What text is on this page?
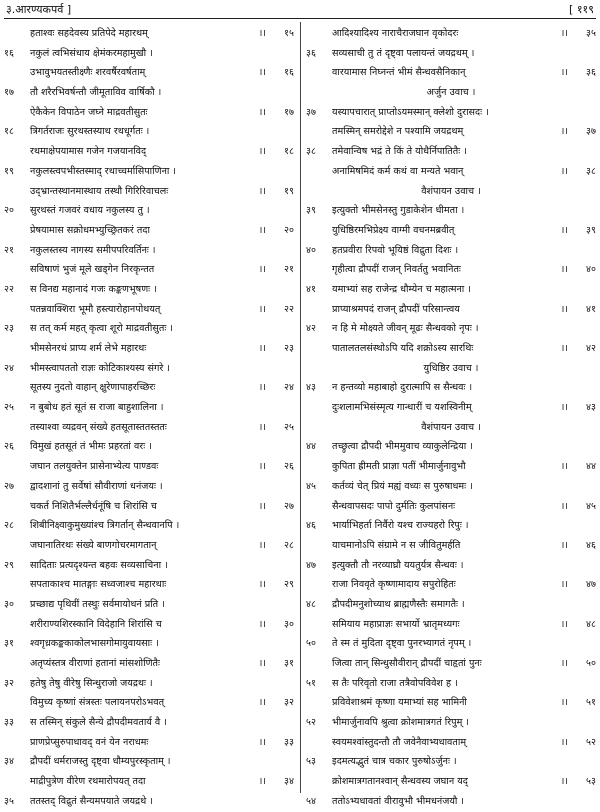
३.आरण्यकपर्व ]	[ ११९
हताश्वः सहदेवस्य प्रतिपेदे महारथम्	।।	१५
१६	नकुलं त्वभिसंधाय क्षेमंकरमहामुखौ ।
उभावुभयतस्तीक्ष्णैः शरवर्षैरवर्षताम्	।।	१६
१७	तौ शरैरभिवर्षन्तौ जीमूताविव वार्षिकौ ।
ऐकैकेन विपाठेन जघ्ने माद्रवतीसुतः	।।	१७
१८	त्रिगर्तराजः सुरथस्तस्याथ रथधूर्गतः ।
रथमाक्षेपयामास गजेन गजयानविद्	।।	१८
१९	नकुलस्त्वपभीस्तस्माद् रथाच्चर्मासिपाणिना ।
उद्भ्रान्तस्थानमास्थाय तस्थौ गिरिरिवाचलः	।।	१९
२०	सुरथस्तं गजवरं वधाय नकुलस्य तु ।
प्रेषयामास सक्रोधमभ्युच्छ्रितकरं तदा	।।	२०
२१	नकुलस्तस्य नागस्य समीपपरिवर्तिनः ।
सविषाणं भुजं मूले खड्गेन निरकृन्तत	।।	२१
२२	स विनद्य महानादं गजः कङ्कणभूषणः ।
पतन्नवाक्शिरा भूमौ हस्त्यारोहानपोथयत्	।।	२२
२३	स तत् कर्म महत् कृत्वा शूरो माद्रवतीसुतः ।
भीमसेनरथं प्राप्य शर्म लेभे महारथः	।।	२३
२४	भीमस्त्वापततो राज्ञः कोटिकाश्यस्य संगरे ।
सूतस्य नुदतो वाहान् क्षुरेणापाहरच्छिरः	।।	२४
२५	न बुबोध हतं सूतं स राजा बाहुशालिना ।
तस्याश्वा व्यद्रवन् संख्ये हतसूतास्ततस्ततः	।।	२५
२६	विमुखं हतसूतं तं भीमः प्रहरतां वरः ।
जघान तलयुक्तेन प्रासेनाभ्येत्य पाण्डवः	।।	२६
२७	द्वादशानां तु सर्वेषां सौवीराणां धनंजयः ।
चकर्त निशितैर्भल्लैर्धनूंषि च शिरांसि च	।।	२७
२८	शिबीनिक्ष्वाकुमुख्यांश्च त्रिगर्तान् सैन्धवानपि ।
जघानातिरथः संख्ये बाणगोचरमागतान्	।।	२८
२९	सादिताः प्रत्यदृश्यन्त बहवः सव्यसाचिना ।
सपताकाश्च मातङ्गाः सध्वजाश्च महारथाः	।।	२९
३०	प्रच्छाद्य पृथिवीं तस्थुः सर्वमायोधनं प्रति ।
शरीराण्यशिरस्कानि विदेहानि शिरांसि च	।।	३०
३१	श्वगृध्रकङ्ककाकोलभासगोमायुवायसाः ।
अतृप्यंस्तत्र वीराणां हतानां मांसशोणितैः	।।	३१
३२	हतेषु तेषु वीरेषु सिन्धुराजो जयद्रथः ।
विमुच्य कृष्णां संत्रस्तः पलायनपरोऽभवत्	।।	३२
३३	स तस्मिन् संकुले सैन्ये द्रौपदीमवतार्य वै ।
प्राणप्रेप्सुरुपाधावद् वनं येन नराधमः	।।	३३
३४	द्रौपदीं धर्मराजस्तु दृष्ट्वा धौम्यपुरस्कृताम् ।
माद्रीपुत्रेण वीरेण रथमारोपयत् तदा	।।	३४
३५	ततस्तद् विद्रुतं सैन्यमपयाते जयद्रथे ।
आदिश्यादिश्य नाराचैराजघान वृकोदरः	।।	३५
३६	सव्यसाची तु तं दृष्ट्वा पलायन्तं जयद्रथम् ।
वारयामास निघ्नन्तं भीमं सैन्धवसैनिकान्	।।	३६
अर्जुन उवाच ।
३७	यस्यापचारात् प्राप्तोऽयमस्मान् क्लेशो दुरासदः ।
तमस्मिन् समरोद्देशे न पश्यामि जयद्रथम्	।।	३७
३८	तमेवान्विष भद्रं ते किं ते योधैर्निपातितैः ।
अनामिषमिदं कर्म कथं वा मन्यते भवान्	।।	३८
वैशंपायन उवाच ।
३९	इत्युक्तो भीमसेनस्तु गुडाकेशेन धीमता ।
युधिष्ठिरमभिप्रेक्ष्य वाग्मी वचनमब्रवीत्	।।	३९
४०	हतप्रवीरा रिपवो भूयिष्ठं विद्रुता दिशः ।
गृहीत्वा द्रौपदीं राजन् निवर्ततु भवानितः	।।	४०
४१	यमाभ्यां सह राजेन्द्र धौम्येन च महात्मना ।
प्राप्याश्रमपदं राजन् द्रौपदीं परिसान्त्वय	।।	४१
४२	न हि मे मोक्ष्यते जीवन् मूढः सैन्धवको नृपः ।
पातालतलसंस्थोऽपि यदि शक्रोऽस्य सारथिः	।।	४२
युधिष्ठिर उवाच ।
४३	न हन्तव्यो महाबाहो दुरात्मापि स सैन्धवः ।
दुःशलामभिसंस्मृत्य गान्धारीं च यशस्विनीम्	।।	४३
वैशंपायन उवाच ।
४४	तच्छ्रुत्वा द्रौपदी भीममुवाच व्याकुलेन्द्रिया ।
कुपिता ह्रीमती प्राज्ञा पतीं भीमार्जुनावुभौ	।।	४४
४५	कर्तव्यं चेत् प्रियं मह्यं वध्यः स पुरुषाधमः ।
सैन्धवापसदः पापो दुर्मतिः कुलपांसनः	।।	४५
४६	भार्याभिहर्ता निर्वैरो यश्च राज्यहरो रिपुः ।
याचमानोऽपि संग्रामे न स जीवितुमर्हति	।।	४६
४७	इत्युक्तौ तौ नरव्याघ्रौ ययतुर्यत्र सैन्धवः ।
राजा निववृते कृष्णामादाय सपुरोहितः	।।	४७
४८	द्रौपदीमनुशोच्याथ ब्राह्मणैस्तैः समागतैः ।
समियाय महाप्राज्ञः सभार्यो भ्रातृमध्यगः	।।	४८
५०	ते स्म तं मुदिता दृष्ट्वा पुनरभ्यागतं नृपम् ।
जित्वा तान् सिन्धुसौवीरान् द्रौपदीं चाहृतां पुनः	।।	५०
५१	स तैः परिवृतो राजा तत्रैवोपविवेश ह ।
प्रविवेशाश्रमं कृष्णा यमाभ्यां सह भामिनी	।।	५१
५२	भीमार्जुनावपि श्रुत्वा क्रोशमात्रगतं रिपुम् ।
स्वयमश्वांस्तुदन्तौ तौ जवेनैवाभ्यधावताम्	।।	५२
५३	इदमत्यद्भुतं चात्र चकार पुरुषोऽर्जुनः ।
क्रोशमात्रगतानश्वान् सैन्धवस्य जघान यद्	।।	५३
५४	ततोऽभ्यधावतां वीरावुभौ भीमधनंजयौ ।
